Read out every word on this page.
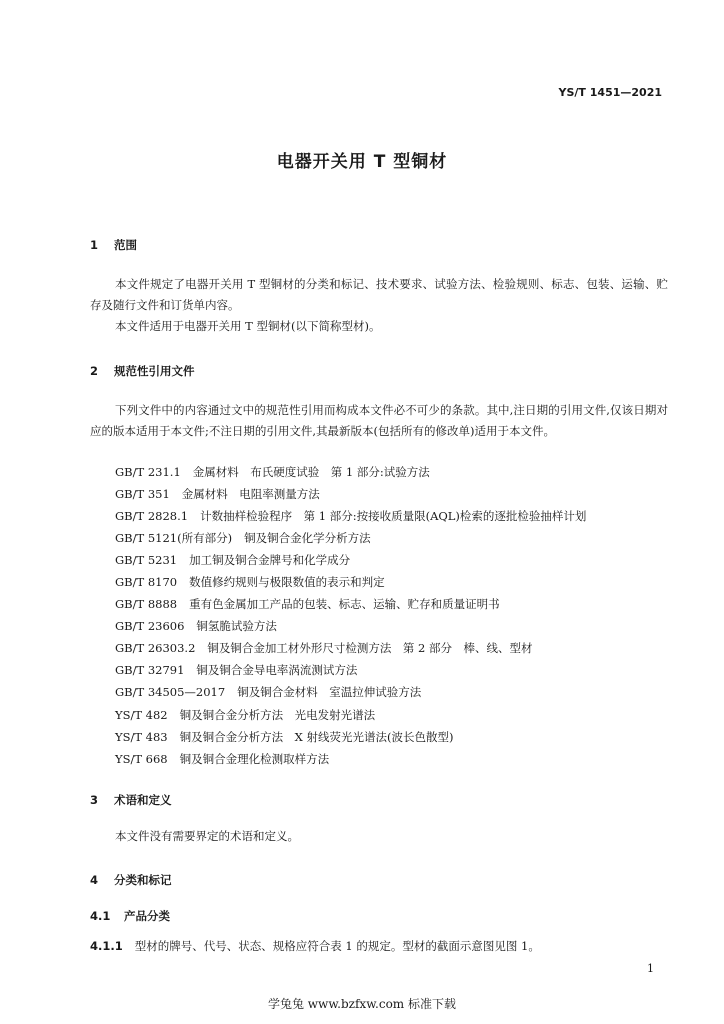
YS/T 1451—2021
电器开关用 T 型铜材
1 范围
本文件规定了电器开关用 T 型铜材的分类和标记、技术要求、试验方法、检验规则、标志、包装、运输、贮存及随行文件和订货单内容。
本文件适用于电器开关用 T 型铜材(以下简称型材)。
2 规范性引用文件
下列文件中的内容通过文中的规范性引用而构成本文件必不可少的条款。其中,注日期的引用文件,仅该日期对应的版本适用于本文件;不注日期的引用文件,其最新版本(包括所有的修改单)适用于本文件。
GB/T 231.1 金属材料　布氏硬度试验　第 1 部分:试验方法
GB/T 351 金属材料　电阻率测量方法
GB/T 2828.1 计数抽样检验程序　第 1 部分:按接收质量限(AQL)检索的逐批检验抽样计划
GB/T 5121(所有部分) 铜及铜合金化学分析方法
GB/T 5231 加工铜及铜合金牌号和化学成分
GB/T 8170 数值修约规则与极限数值的表示和判定
GB/T 8888 重有色金属加工产品的包装、标志、运输、贮存和质量证明书
GB/T 23606 铜氢脆试验方法
GB/T 26303.2 铜及铜合金加工材外形尺寸检测方法　第 2 部分　棒、线、型材
GB/T 32791 铜及铜合金导电率涡流测试方法
GB/T 34505—2017 铜及铜合金材料　室温拉伸试验方法
YS/T 482 铜及铜合金分析方法　光电发射光谱法
YS/T 483 铜及铜合金分析方法　X 射线荧光光谱法(波长色散型)
YS/T 668 铜及铜合金理化检测取样方法
3 术语和定义
本文件没有需要界定的术语和定义。
4 分类和标记
4.1 产品分类
4.1.1 型材的牌号、代号、状态、规格应符合表 1 的规定。型材的截面示意图见图 1。
1
学兔兔 www.bzfxw.com 标准下载
